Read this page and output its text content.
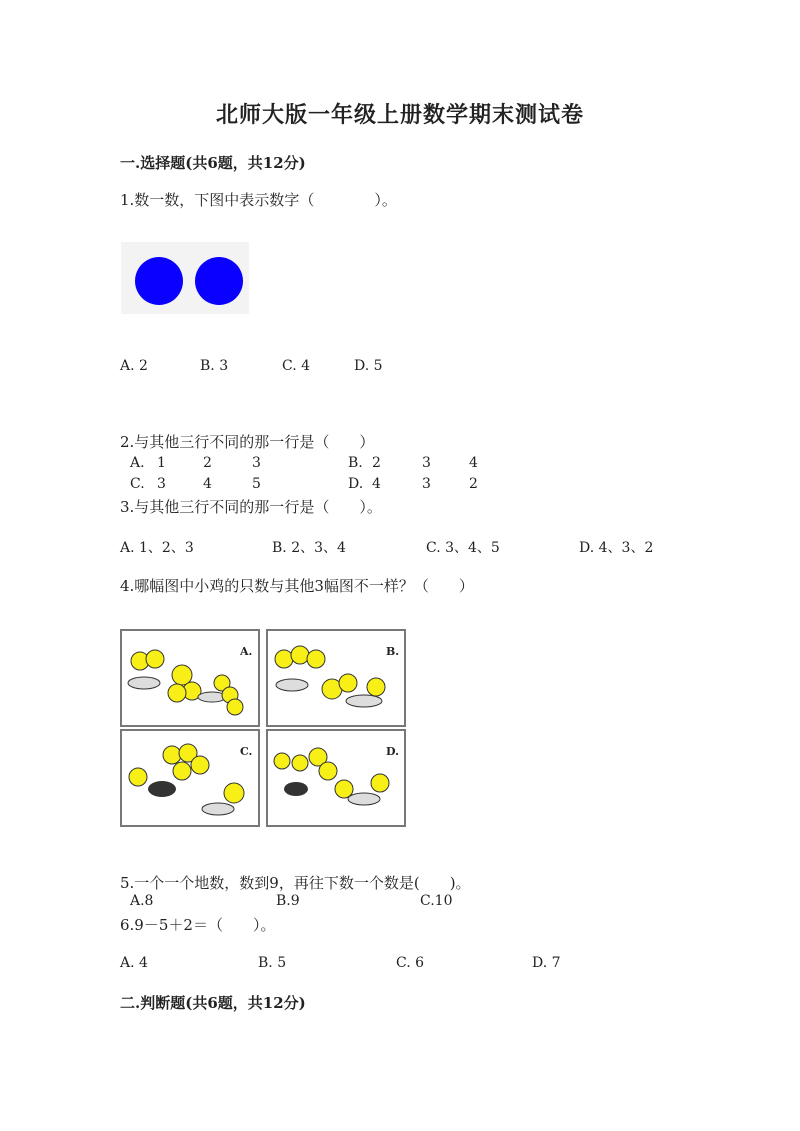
北师大版一年级上册数学期末测试卷
一.选择题(共6题，共12分)
1.数一数，下图中表示数字（　　　　）。
A. 2	B. 3	C. 4	D. 5
2.与其他三行不同的那一行是（　　）
A. 1	2	3	B. 2	3	4
C. 3	4	5	D. 4	3	2
3.与其他三行不同的那一行是（　　）。
A. 1、2、3	B. 2、3、4	C. 3、4、5	D. 4、3、2
4.哪幅图中小鸡的只数与其他3幅图不一样？（　　）
A.	B.
C.	D.
5.一个一个地数，数到9，再往下数一个数是(　　)。
A.8	B.9	C.10
6.9－5＋2＝（　　）。
A. 4	B. 5	C. 6	D. 7
二.判断题(共6题，共12分)
